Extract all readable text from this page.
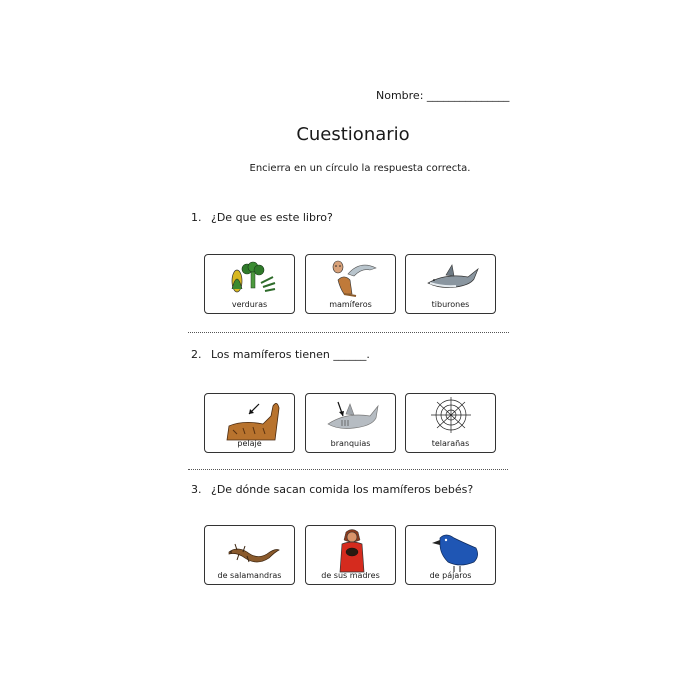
Nombre: _______________
Cuestionario
Encierra en un círculo la respuesta correcta.
1. ¿De que es este libro?
verduras	mamíferos	tiburones
2. Los mamíferos tienen ______.
pelaje	branquias	telarañas
3. ¿De dónde sacan comida los mamíferos bebés?
de salamandras	de sus madres	de pájaros
